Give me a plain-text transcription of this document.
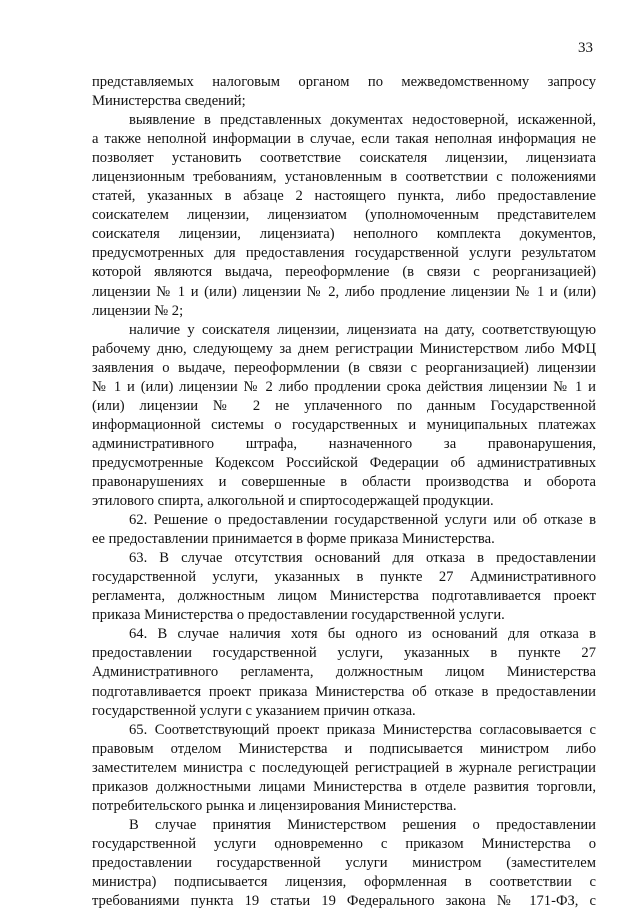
33
представляемых налоговым органом по межведомственному запросу
Министерства сведений;
выявление в представленных документах недостоверной, искаженной,
а также неполной информации в случае, если такая неполная информация не
позволяет установить соответствие соискателя лицензии, лицензиата
лицензионным требованиям, установленным в соответствии с положениями
статей, указанных в абзаце 2 настоящего пункта, либо предоставление
соискателем лицензии, лицензиатом (уполномоченным представителем
соискателя лицензии, лицензиата) неполного комплекта документов,
предусмотренных для предоставления государственной услуги результатом
которой являются выдача, переоформление (в связи с реорганизацией)
лицензии № 1 и (или) лицензии № 2, либо продление лицензии № 1 и (или)
лицензии № 2;
наличие у соискателя лицензии, лицензиата на дату, соответствующую
рабочему дню, следующему за днем регистрации Министерством либо МФЦ
заявления о выдаче, переоформлении (в связи с реорганизацией) лицензии
№ 1 и (или) лицензии № 2 либо продлении срока действия лицензии № 1 и
(или) лицензии № 2 не уплаченного по данным Государственной
информационной системы о государственных и муниципальных платежах
административного штрафа, назначенного за правонарушения,
предусмотренные Кодексом Российской Федерации об административных
правонарушениях и совершенные в области производства и оборота
этилового спирта, алкогольной и спиртосодержащей продукции.
62. Решение о предоставлении государственной услуги или об отказе в
ее предоставлении принимается в форме приказа Министерства.
63. В случае отсутствия оснований для отказа в предоставлении
государственной услуги, указанных в пункте 27 Административного
регламента, должностным лицом Министерства подготавливается проект
приказа Министерства о предоставлении государственной услуги.
64. В случае наличия хотя бы одного из оснований для отказа в
предоставлении государственной услуги, указанных в пункте 27
Административного регламента, должностным лицом Министерства
подготавливается проект приказа Министерства об отказе в предоставлении
государственной услуги с указанием причин отказа.
65. Соответствующий проект приказа Министерства согласовывается с
правовым отделом Министерства и подписывается министром либо
заместителем министра с последующей регистрацией в журнале регистрации
приказов должностными лицами Министерства в отделе развития торговли,
потребительского рынка и лицензирования Министерства.
В случае принятия Министерством решения о предоставлении
государственной услуги одновременно с приказом Министерства о
предоставлении государственной услуги министром (заместителем
министра) подписывается лицензия, оформленная в соответствии с
требованиями пункта 19 статьи 19 Федерального закона № 171-ФЗ, с
